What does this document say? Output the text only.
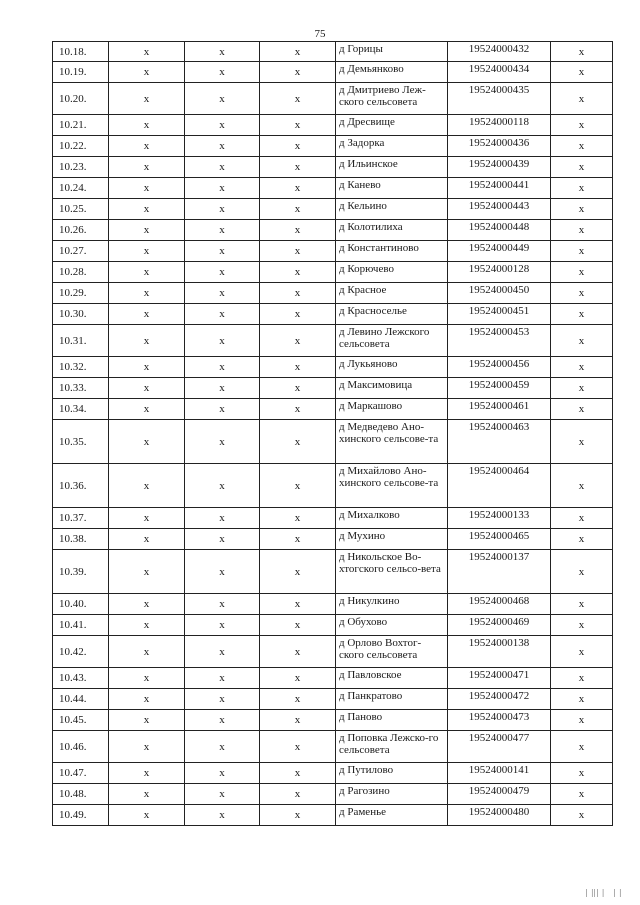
75
10.18.	x	x	x	д Горицы	19524000432	x
10.19.	x	x	x	д Демьянково	19524000434	x
10.20.	x	x	x	д Дмитриево Леж-ского сельсовета	19524000435	x
10.21.	x	x	x	д Дресвище	19524000118	x
10.22.	x	x	x	д Задорка	19524000436	x
10.23.	x	x	x	д Ильинское	19524000439	x
10.24.	x	x	x	д Канево	19524000441	x
10.25.	x	x	x	д Кельино	19524000443	x
10.26.	x	x	x	д Колотилиха	19524000448	x
10.27.	x	x	x	д Константиново	19524000449	x
10.28.	x	x	x	д Корючево	19524000128	x
10.29.	x	x	x	д Красное	19524000450	x
10.30.	x	x	x	д Красноселье	19524000451	x
10.31.	x	x	x	д Левино Лежского сельсовета	19524000453	x
10.32.	x	x	x	д Лукьяново	19524000456	x
10.33.	x	x	x	д Максимовица	19524000459	x
10.34.	x	x	x	д Маркашово	19524000461	x
10.35.	x	x	x	д Медведево Ано-хинского сельсове-та	19524000463	x
10.36.	x	x	x	д Михайлово Ано-хинского сельсове-та	19524000464	x
10.37.	x	x	x	д Михалково	19524000133	x
10.38.	x	x	x	д Мухино	19524000465	x
10.39.	x	x	x	д Никольское Во-хтогского сельсо-вета	19524000137	x
10.40.	x	x	x	д Никулкино	19524000468	x
10.41.	x	x	x	д Обухово	19524000469	x
10.42.	x	x	x	д Орлово Вохтог-ского сельсовета	19524000138	x
10.43.	x	x	x	д Павловское	19524000471	x
10.44.	x	x	x	д Панкратово	19524000472	x
10.45.	x	x	x	д Паново	19524000473	x
10.46.	x	x	x	д Поповка Лежско-го сельсовета	19524000477	x
10.47.	x	x	x	д Путилово	19524000141	x
10.48.	x	x	x	д Рагозино	19524000479	x
10.49.	x	x	x	д Раменье	19524000480	x
| ||| |   | |
